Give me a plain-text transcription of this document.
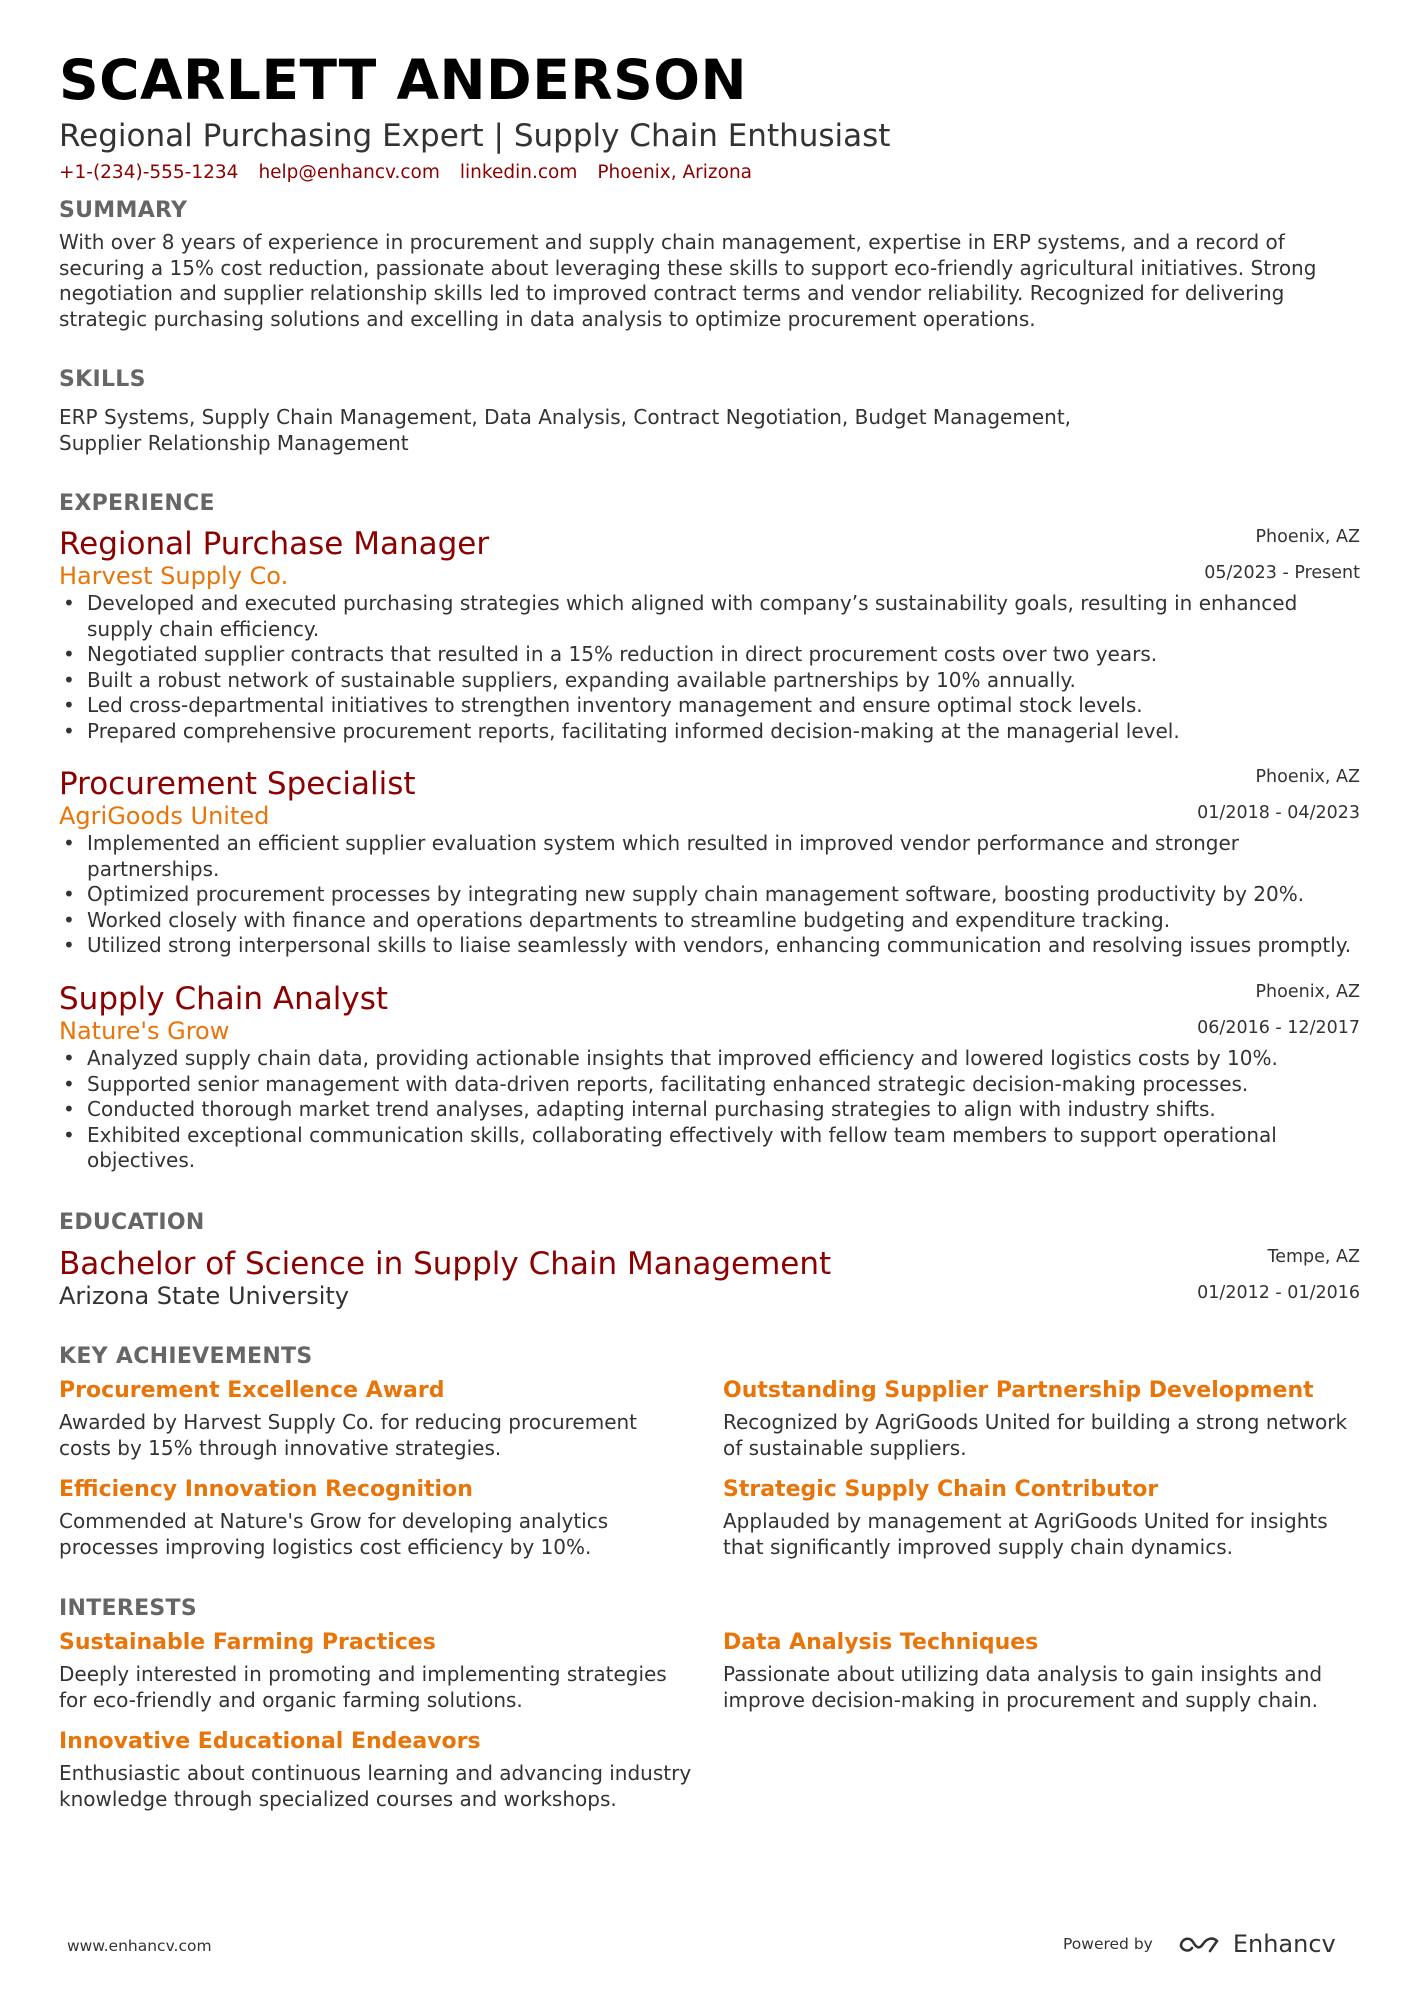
SCARLETT ANDERSON
Regional Purchasing Expert | Supply Chain Enthusiast
+1-(234)-555-1234 help@enhancv.com linkedin.com Phoenix, Arizona
SUMMARY
With over 8 years of experience in procurement and supply chain management, expertise in ERP systems, and a record of securing a 15% cost reduction, passionate about leveraging these skills to support eco-friendly agricultural initiatives. Strong negotiation and supplier relationship skills led to improved contract terms and vendor reliability. Recognized for delivering strategic purchasing solutions and excelling in data analysis to optimize procurement operations.
SKILLS
ERP Systems, Supply Chain Management, Data Analysis, Contract Negotiation, Budget Management,
Supplier Relationship Management
EXPERIENCE
Regional Purchase Manager
Harvest Supply Co.
Phoenix, AZ
05/2023 - Present
• Developed and executed purchasing strategies which aligned with company’s sustainability goals, resulting in enhanced supply chain efficiency.
• Negotiated supplier contracts that resulted in a 15% reduction in direct procurement costs over two years.
• Built a robust network of sustainable suppliers, expanding available partnerships by 10% annually.
• Led cross-departmental initiatives to strengthen inventory management and ensure optimal stock levels.
• Prepared comprehensive procurement reports, facilitating informed decision-making at the managerial level.
Procurement Specialist
AgriGoods United
Phoenix, AZ
01/2018 - 04/2023
• Implemented an efficient supplier evaluation system which resulted in improved vendor performance and stronger partnerships.
• Optimized procurement processes by integrating new supply chain management software, boosting productivity by 20%.
• Worked closely with finance and operations departments to streamline budgeting and expenditure tracking.
• Utilized strong interpersonal skills to liaise seamlessly with vendors, enhancing communication and resolving issues promptly.
Supply Chain Analyst
Nature's Grow
Phoenix, AZ
06/2016 - 12/2017
• Analyzed supply chain data, providing actionable insights that improved efficiency and lowered logistics costs by 10%.
• Supported senior management with data-driven reports, facilitating enhanced strategic decision-making processes.
• Conducted thorough market trend analyses, adapting internal purchasing strategies to align with industry shifts.
• Exhibited exceptional communication skills, collaborating effectively with fellow team members to support operational objectives.
EDUCATION
Bachelor of Science in Supply Chain Management
Arizona State University
Tempe, AZ
01/2012 - 01/2016
KEY ACHIEVEMENTS
Procurement Excellence Award
Awarded by Harvest Supply Co. for reducing procurement costs by 15% through innovative strategies.
Outstanding Supplier Partnership Development
Recognized by AgriGoods United for building a strong network of sustainable suppliers.
Efficiency Innovation Recognition
Commended at Nature's Grow for developing analytics processes improving logistics cost efficiency by 10%.
Strategic Supply Chain Contributor
Applauded by management at AgriGoods United for insights that significantly improved supply chain dynamics.
INTERESTS
Sustainable Farming Practices
Deeply interested in promoting and implementing strategies for eco-friendly and organic farming solutions.
Data Analysis Techniques
Passionate about utilizing data analysis to gain insights and improve decision-making in procurement and supply chain.
Innovative Educational Endeavors
Enthusiastic about continuous learning and advancing industry knowledge through specialized courses and workshops.
www.enhancv.com	Powered by	Enhancv
